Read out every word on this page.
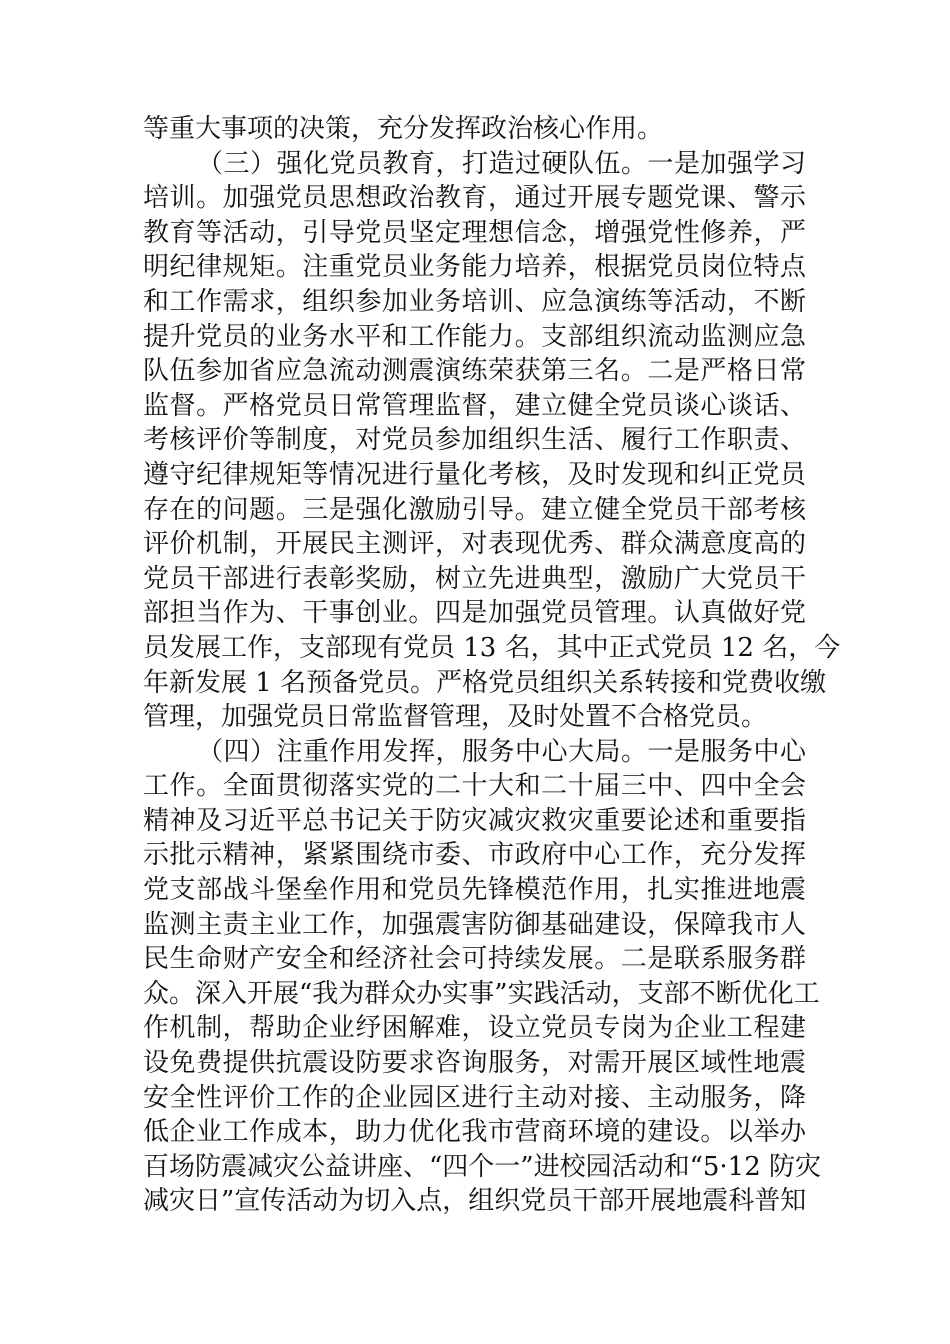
等重大事项的决策，充分发挥政治核心作用。
（三）强化党员教育，打造过硬队伍。一是加强学习
培训。加强党员思想政治教育，通过开展专题党课、警示
教育等活动，引导党员坚定理想信念，增强党性修养，严
明纪律规矩。注重党员业务能力培养，根据党员岗位特点
和工作需求，组织参加业务培训、应急演练等活动，不断
提升党员的业务水平和工作能力。支部组织流动监测应急
队伍参加省应急流动测震演练荣获第三名。二是严格日常
监督。严格党员日常管理监督，建立健全党员谈心谈话、
考核评价等制度，对党员参加组织生活、履行工作职责、
遵守纪律规矩等情况进行量化考核，及时发现和纠正党员
存在的问题。三是强化激励引导。建立健全党员干部考核
评价机制，开展民主测评，对表现优秀、群众满意度高的
党员干部进行表彰奖励，树立先进典型，激励广大党员干
部担当作为、干事创业。四是加强党员管理。认真做好党
员发展工作，支部现有党员 13 名，其中正式党员 12 名，今
年新发展 1 名预备党员。严格党员组织关系转接和党费收缴
管理，加强党员日常监督管理，及时处置不合格党员。
（四）注重作用发挥，服务中心大局。一是服务中心
工作。全面贯彻落实党的二十大和二十届三中、四中全会
精神及习近平总书记关于防灾减灾救灾重要论述和重要指
示批示精神，紧紧围绕市委、市政府中心工作，充分发挥
党支部战斗堡垒作用和党员先锋模范作用，扎实推进地震
监测主责主业工作，加强震害防御基础建设，保障我市人
民生命财产安全和经济社会可持续发展。二是联系服务群
众。深入开展“我为群众办实事”实践活动，支部不断优化工
作机制，帮助企业纾困解难，设立党员专岗为企业工程建
设免费提供抗震设防要求咨询服务，对需开展区域性地震
安全性评价工作的企业园区进行主动对接、主动服务，降
低企业工作成本，助力优化我市营商环境的建设。以举办
百场防震减灾公益讲座、“四个一”进校园活动和“5·12 防灾
减灾日”宣传活动为切入点，组织党员干部开展地震科普知
